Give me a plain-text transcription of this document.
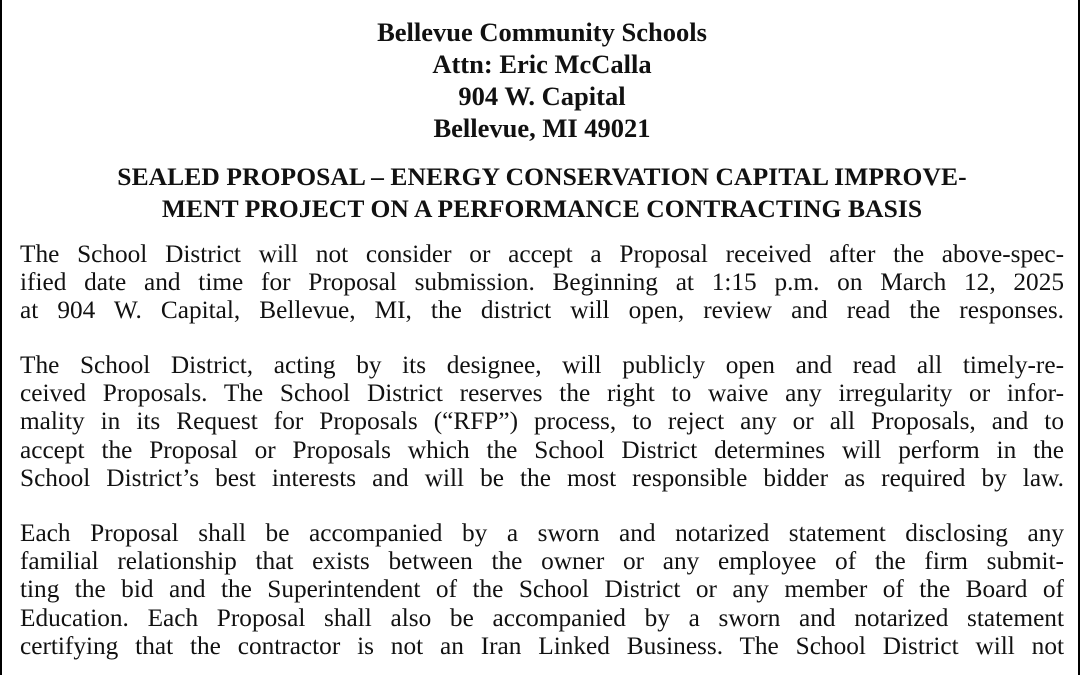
Bellevue Community Schools
Attn: Eric McCalla
904 W. Capital
Bellevue, MI 49021
SEALED PROPOSAL – ENERGY CONSERVATION CAPITAL IMPROVE-
MENT PROJECT ON A PERFORMANCE CONTRACTING BASIS
The School District will not consider or accept a Proposal received after the above-spec-
ified date and time for Proposal submission. Beginning at 1:15 p.m. on March 12, 2025
at 904 W. Capital, Bellevue, MI, the district will open, review and read the responses.
The School District, acting by its designee, will publicly open and read all timely-re-
ceived Proposals. The School District reserves the right to waive any irregularity or infor-
mality in its Request for Proposals (“RFP”) process, to reject any or all Proposals, and to
accept the Proposal or Proposals which the School District determines will perform in the
School District’s best interests and will be the most responsible bidder as required by law.
Each Proposal shall be accompanied by a sworn and notarized statement disclosing any
familial relationship that exists between the owner or any employee of the firm submit-
ting the bid and the Superintendent of the School District or any member of the Board of
Education. Each Proposal shall also be accompanied by a sworn and notarized statement
certifying that the contractor is not an Iran Linked Business. The School District will not
